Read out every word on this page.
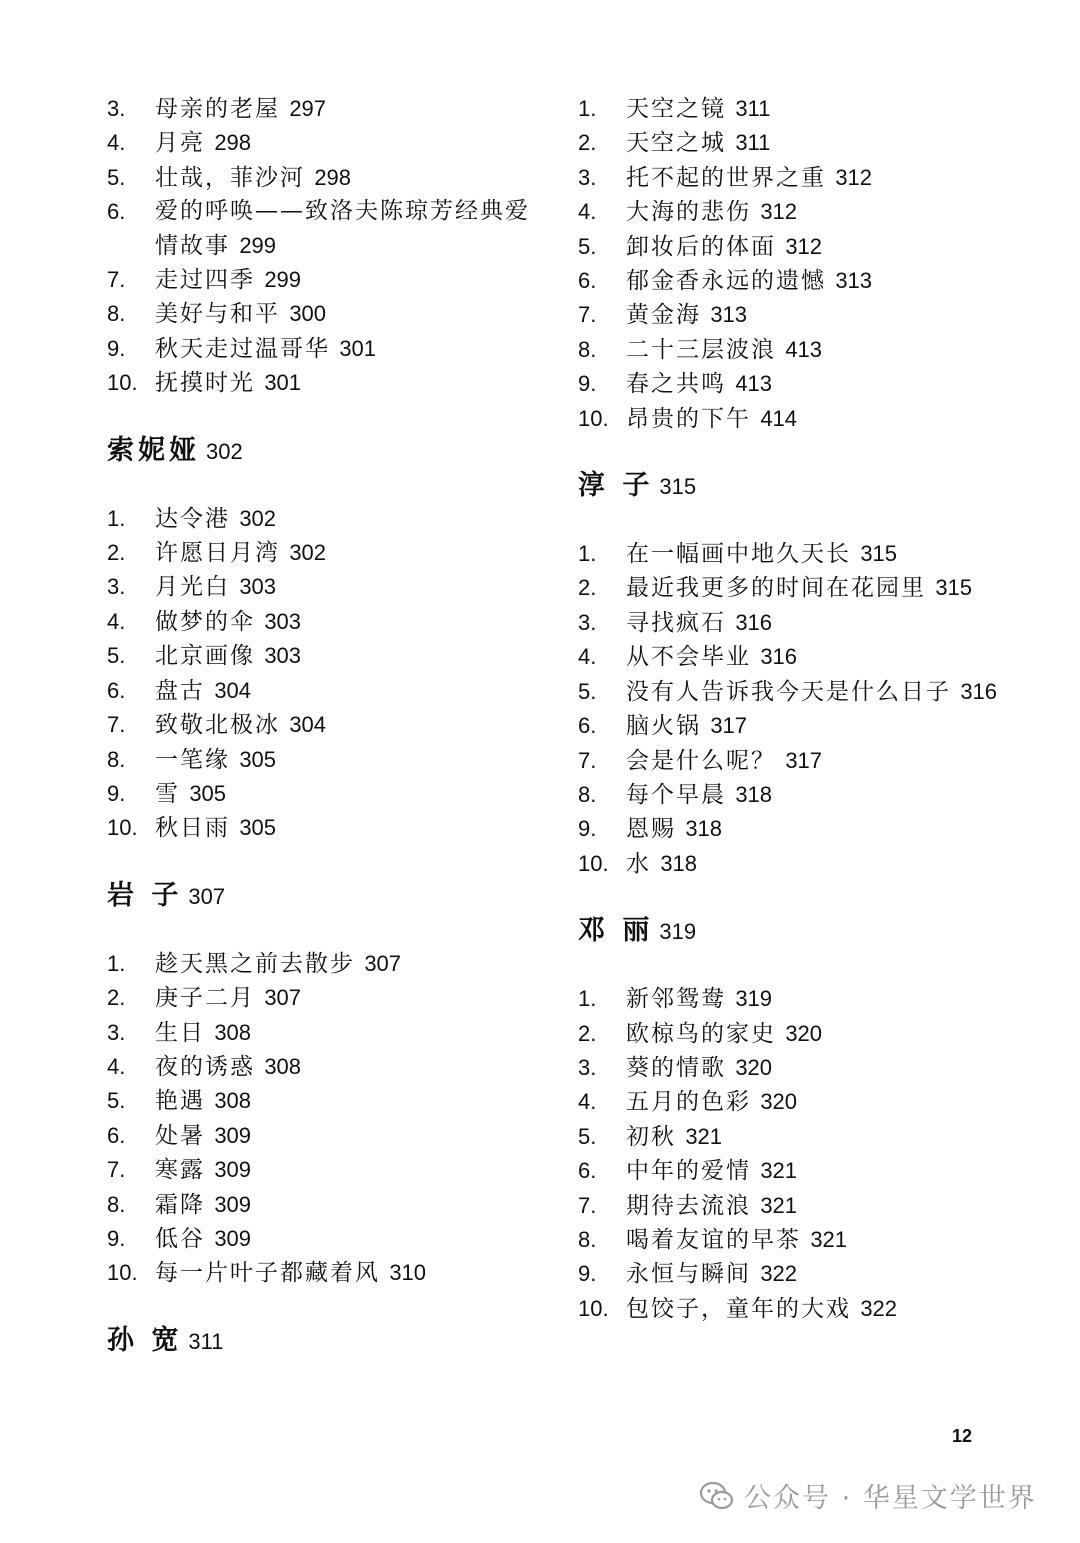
3.	母亲的老屋 297
4.	月亮 298
5.	壮哉，菲沙河 298
6.	爱的呼唤——致洛夫陈琼芳经典爱情故事 299
7.	走过四季 299
8.	美好与和平 300
9.	秋天走过温哥华 301
10. 抚摸时光 301
索妮娅 302
1.	达令港 302
2.	许愿日月湾 302
3.	月光白 303
4.	做梦的伞 303
5.	北京画像 303
6.	盘古 304
7.	致敬北极冰 304
8.	一笔缘 305
9.	雪 305
10. 秋日雨 305
岩 子 307
1.	趁天黑之前去散步 307
2.	庚子二月 307
3.	生日 308
4.	夜的诱惑 308
5.	艳遇 308
6.	处暑 309
7.	寒露 309
8.	霜降 309
9.	低谷 309
10. 每一片叶子都藏着风 310
孙 宽 311
1.	天空之镜 311
2.	天空之城 311
3.	托不起的世界之重 312
4.	大海的悲伤 312
5.	卸妆后的体面 312
6.	郁金香永远的遗憾 313
7.	黄金海 313
8.	二十三层波浪 413
9.	春之共鸣 413
10. 昂贵的下午 414
淳 子 315
1.	在一幅画中地久天长 315
2.	最近我更多的时间在花园里 315
3.	寻找疯石 316
4.	从不会毕业 316
5.	没有人告诉我今天是什么日子 316
6.	脑火锅 317
7.	会是什么呢？ 317
8.	每个早晨 318
9.	恩赐 318
10. 水 318
邓 丽 319
1.	新邻鸳鸯 319
2.	欧椋鸟的家史 320
3.	葵的情歌 320
4.	五月的色彩 320
5.	初秋 321
6.	中年的爱情 321
7.	期待去流浪 321
8.	喝着友谊的早茶 321
9.	永恒与瞬间 322
10. 包饺子，童年的大戏 322
12
公众号 · 华星文学世界
